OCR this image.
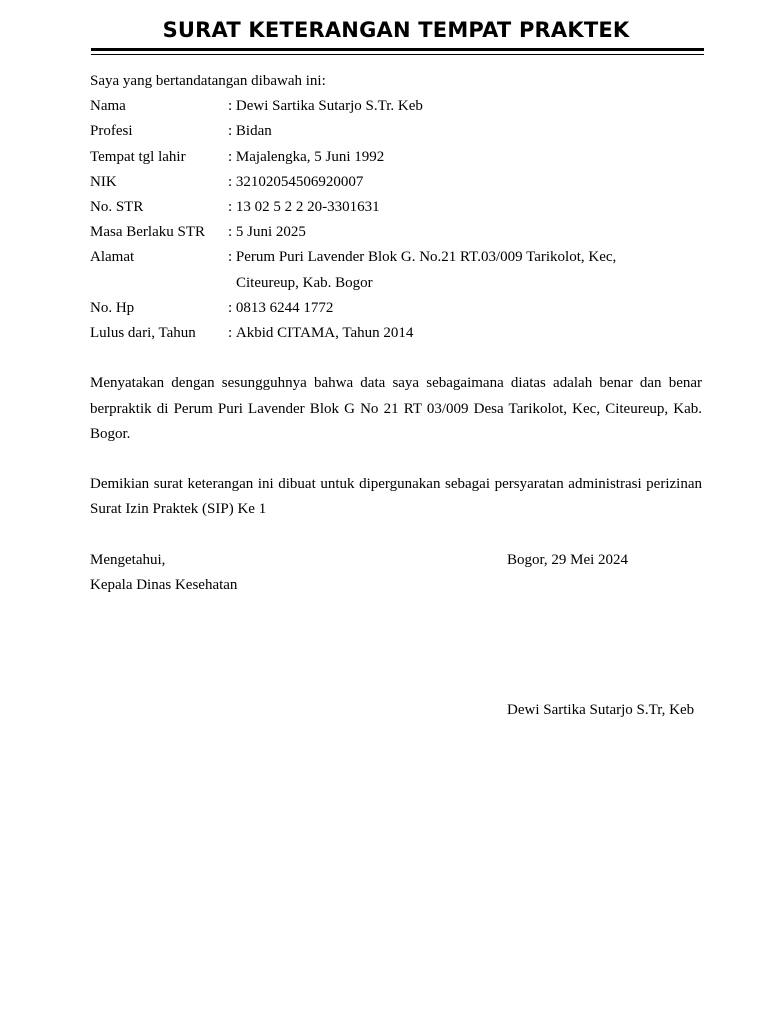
SURAT KETERANGAN TEMPAT PRAKTEK
Saya yang bertandatangan dibawah ini:
Nama	: Dewi Sartika Sutarjo S.Tr. Keb
Profesi	: Bidan
Tempat tgl lahir	: Majalengka, 5 Juni 1992
NIK	: 32102054506920007
No. STR	: 13 02 5 2 2 20-3301631
Masa Berlaku STR	: 5 Juni 2025
Alamat	: Perum Puri Lavender Blok G. No.21 RT.03/009 Tarikolot, Kec,
Citeureup, Kab. Bogor
No. Hp	: 0813 6244 1772
Lulus dari, Tahun	: Akbid CITAMA, Tahun 2014
Menyatakan dengan sesungguhnya bahwa data saya sebagaimana diatas adalah benar dan benar berpraktik di Perum Puri Lavender Blok G No 21 RT 03/009 Desa Tarikolot, Kec, Citeureup, Kab. Bogor.
Demikian surat keterangan ini dibuat untuk dipergunakan sebagai persyaratan administrasi perizinan Surat Izin Praktek (SIP) Ke 1
Mengetahui,	Bogor, 29 Mei 2024
Kepala Dinas Kesehatan
Dewi Sartika Sutarjo S.Tr, Keb
